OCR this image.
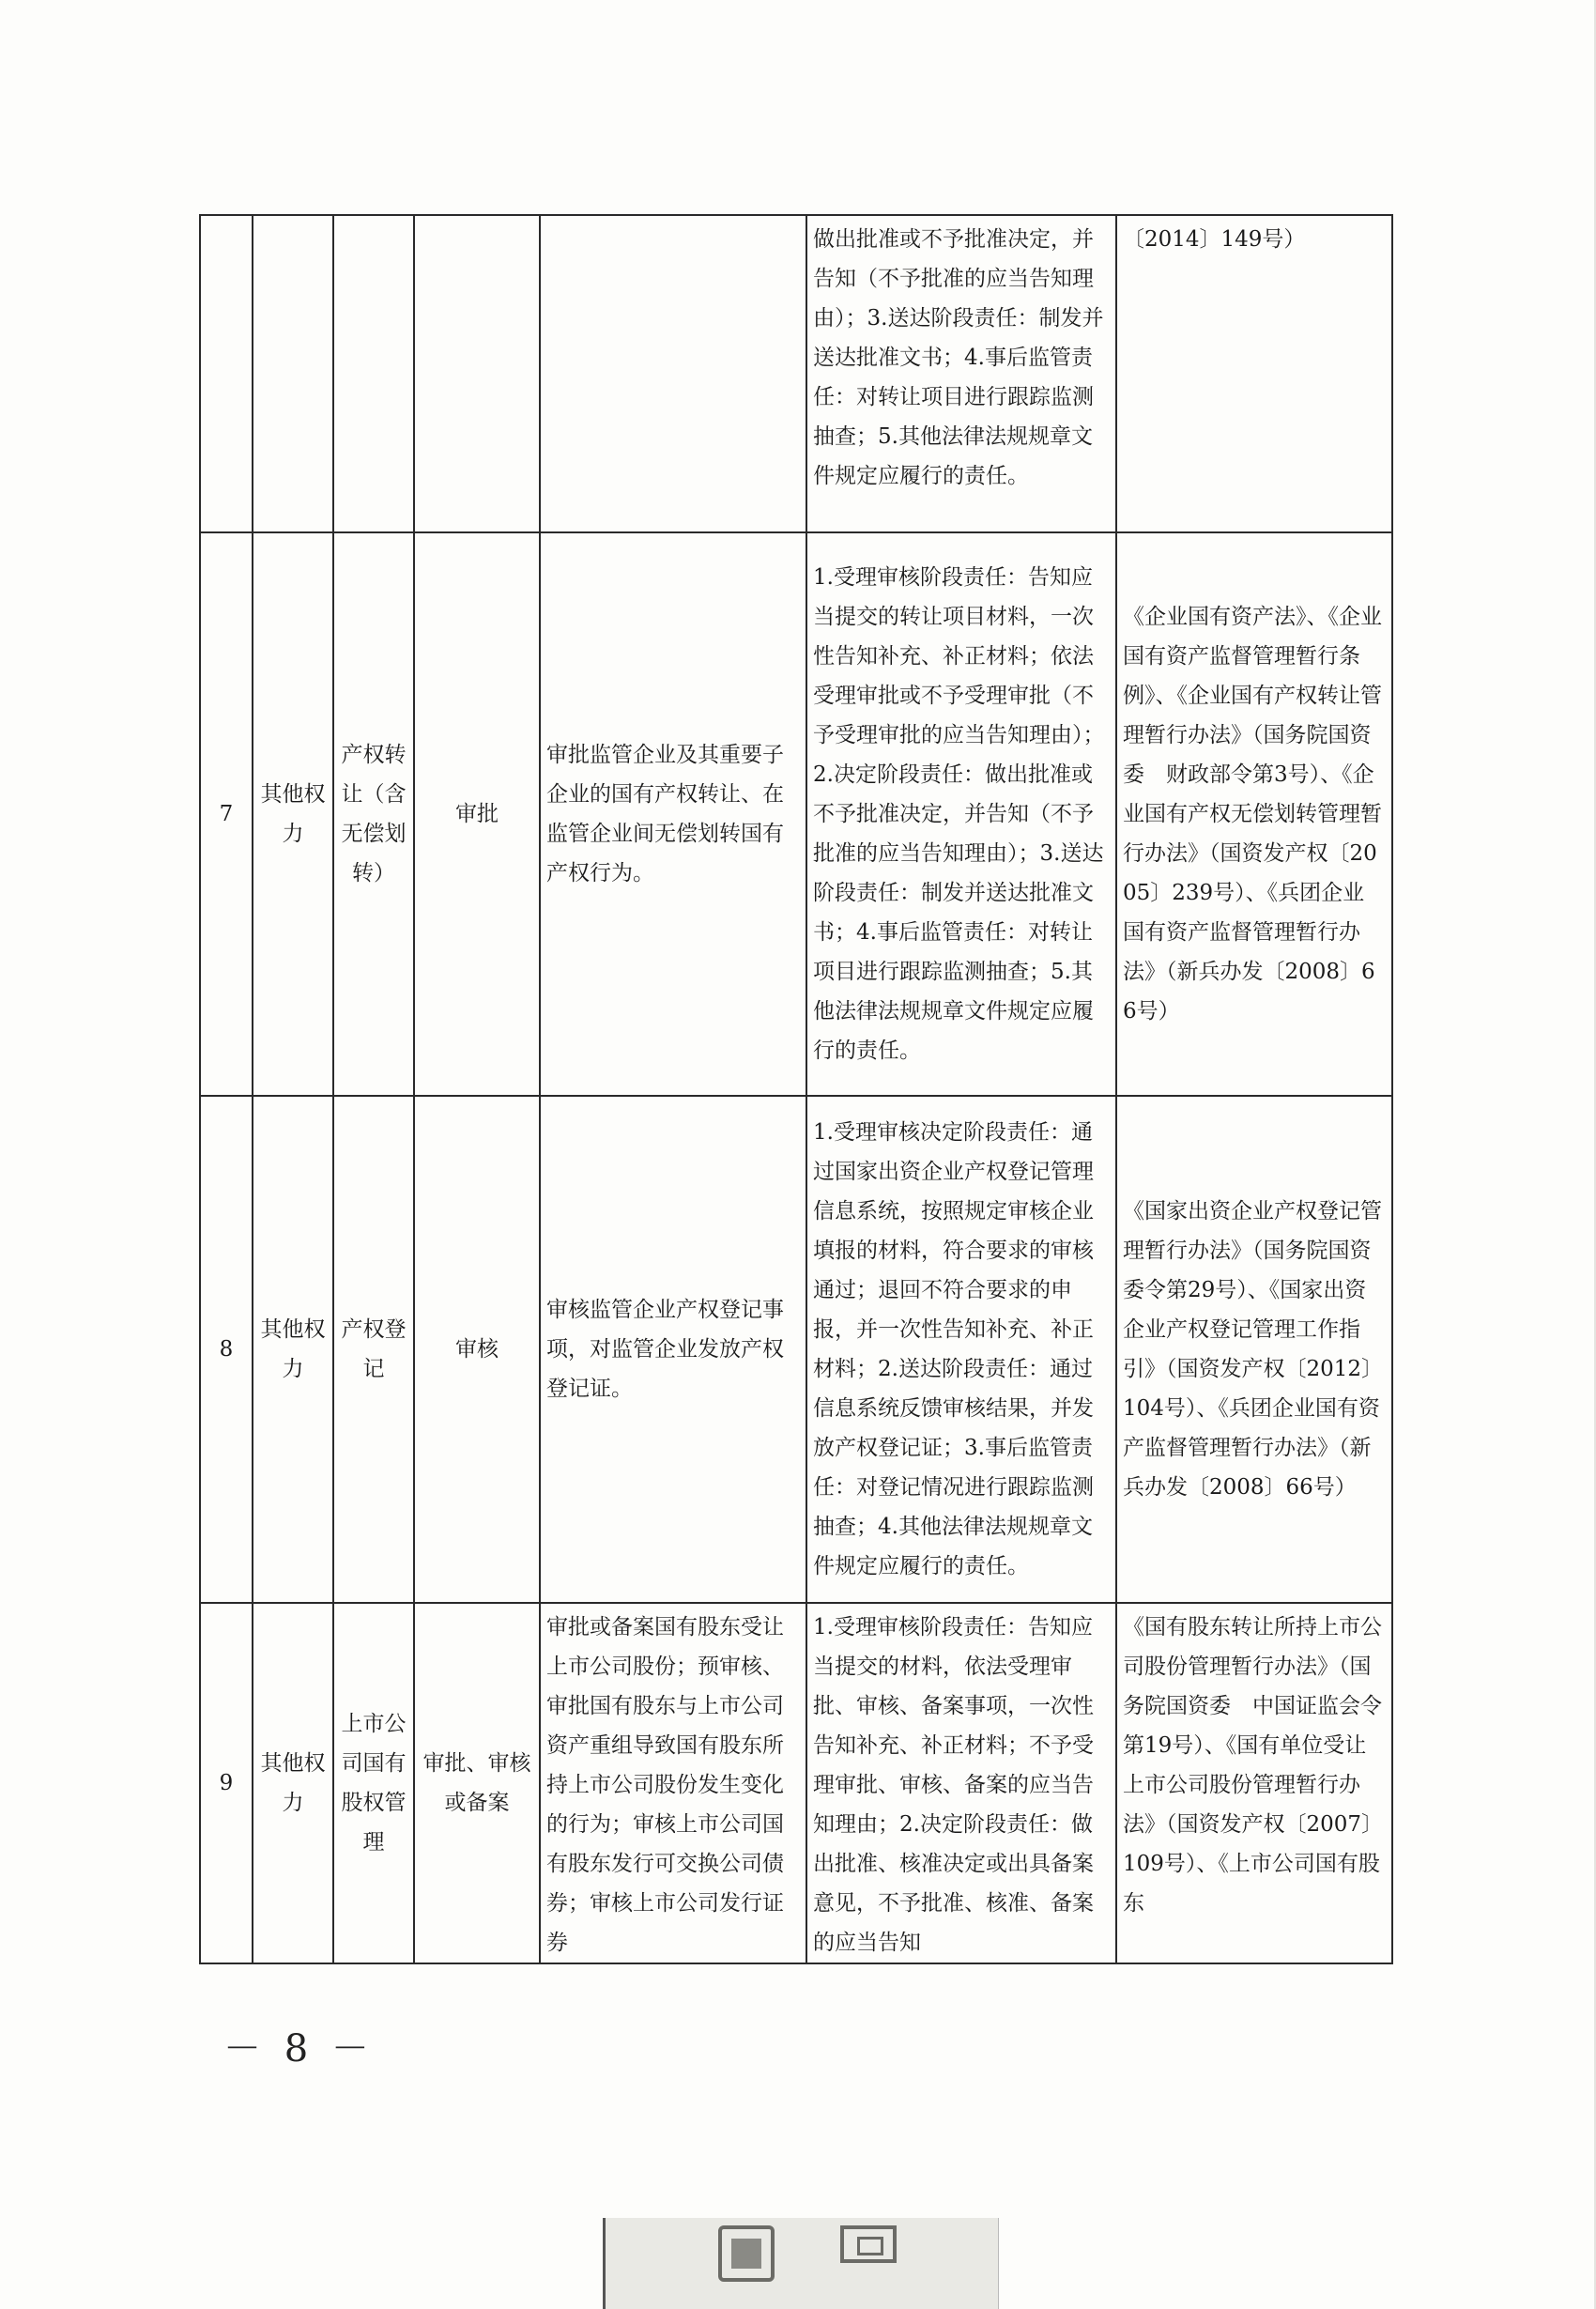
					做出批准或不予批准决定，并告知（不予批准的应当告知理由）；3.送达阶段责任：制发并送达批准文书；4.事后监管责任：对转让项目进行跟踪监测抽查；5.其他法律法规规章文件规定应履行的责任。	〔2014〕149号）
7	其他权力	产权转让（含无偿划转）	审批	审批监管企业及其重要子企业的国有产权转让、在监管企业间无偿划转国有产权行为。	1.受理审核阶段责任：告知应当提交的转让项目材料，一次性告知补充、补正材料；依法受理审批或不予受理审批（不予受理审批的应当告知理由）；2.决定阶段责任：做出批准或不予批准决定，并告知（不予批准的应当告知理由）；3.送达阶段责任：制发并送达批准文书；4.事后监管责任：对转让项目进行跟踪监测抽查；5.其他法律法规规章文件规定应履行的责任。	《企业国有资产法》、《企业国有资产监督管理暂行条例》、《企业国有产权转让管理暂行办法》（国务院国资委　财政部令第3号）、《企业国有产权无偿划转管理暂行办法》（国资发产权〔2005〕239号）、《兵团企业国有资产监督管理暂行办法》（新兵办发〔2008〕66号）
8	其他权力	产权登记	审核	审核监管企业产权登记事项，对监管企业发放产权登记证。	1.受理审核决定阶段责任：通过国家出资企业产权登记管理信息系统，按照规定审核企业填报的材料，符合要求的审核通过；退回不符合要求的申报，并一次性告知补充、补正材料；2.送达阶段责任：通过信息系统反馈审核结果，并发放产权登记证；3.事后监管责任：对登记情况进行跟踪监测抽查；4.其他法律法规规章文件规定应履行的责任。	《国家出资企业产权登记管理暂行办法》（国务院国资委令第29号）、《国家出资企业产权登记管理工作指引》（国资发产权〔2012〕104号）、《兵团企业国有资产监督管理暂行办法》（新兵办发〔2008〕66号）
9	其他权力	上市公司国有股权管理	审批、审核或备案	审批或备案国有股东受让上市公司股份；预审核、审批国有股东与上市公司资产重组导致国有股东所持上市公司股份发生变化的行为；审核上市公司国有股东发行可交换公司债券；审核上市公司发行证券	1.受理审核阶段责任：告知应当提交的材料，依法受理审批、审核、备案事项，一次性告知补充、补正材料；不予受理审批、审核、备案的应当告知理由；2.决定阶段责任：做出批准、核准决定或出具备案意见，不予批准、核准、备案的应当告知	《国有股东转让所持上市公司股份管理暂行办法》（国务院国资委　中国证监会令第19号）、《国有单位受让上市公司股份管理暂行办法》（国资发产权〔2007〕109号）、《上市公司国有股东
－ 8 －
